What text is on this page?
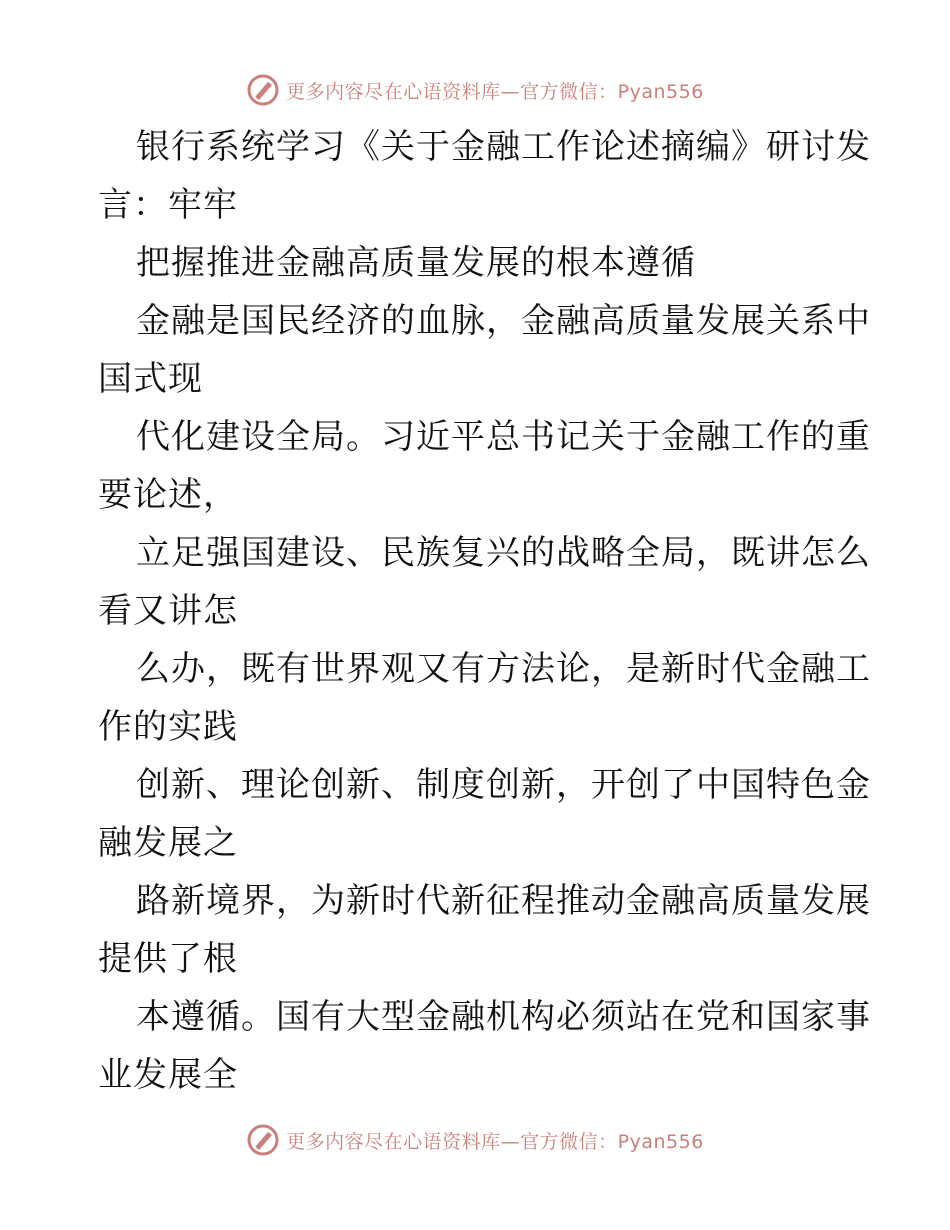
更多内容尽在心语资料库—官方微信：Pyan556
银行系统学习《关于金融工作论述摘编》研讨发
言：牢牢
把握推进金融高质量发展的根本遵循
金融是国民经济的血脉，金融高质量发展关系中
国式现
代化建设全局。习近平总书记关于金融工作的重
要论述，
立足强国建设、民族复兴的战略全局，既讲怎么
看又讲怎
么办，既有世界观又有方法论，是新时代金融工
作的实践
创新、理论创新、制度创新，开创了中国特色金
融发展之
路新境界，为新时代新征程推动金融高质量发展
提供了根
本遵循。国有大型金融机构必须站在党和国家事
业发展全
更多内容尽在心语资料库—官方微信：Pyan556
